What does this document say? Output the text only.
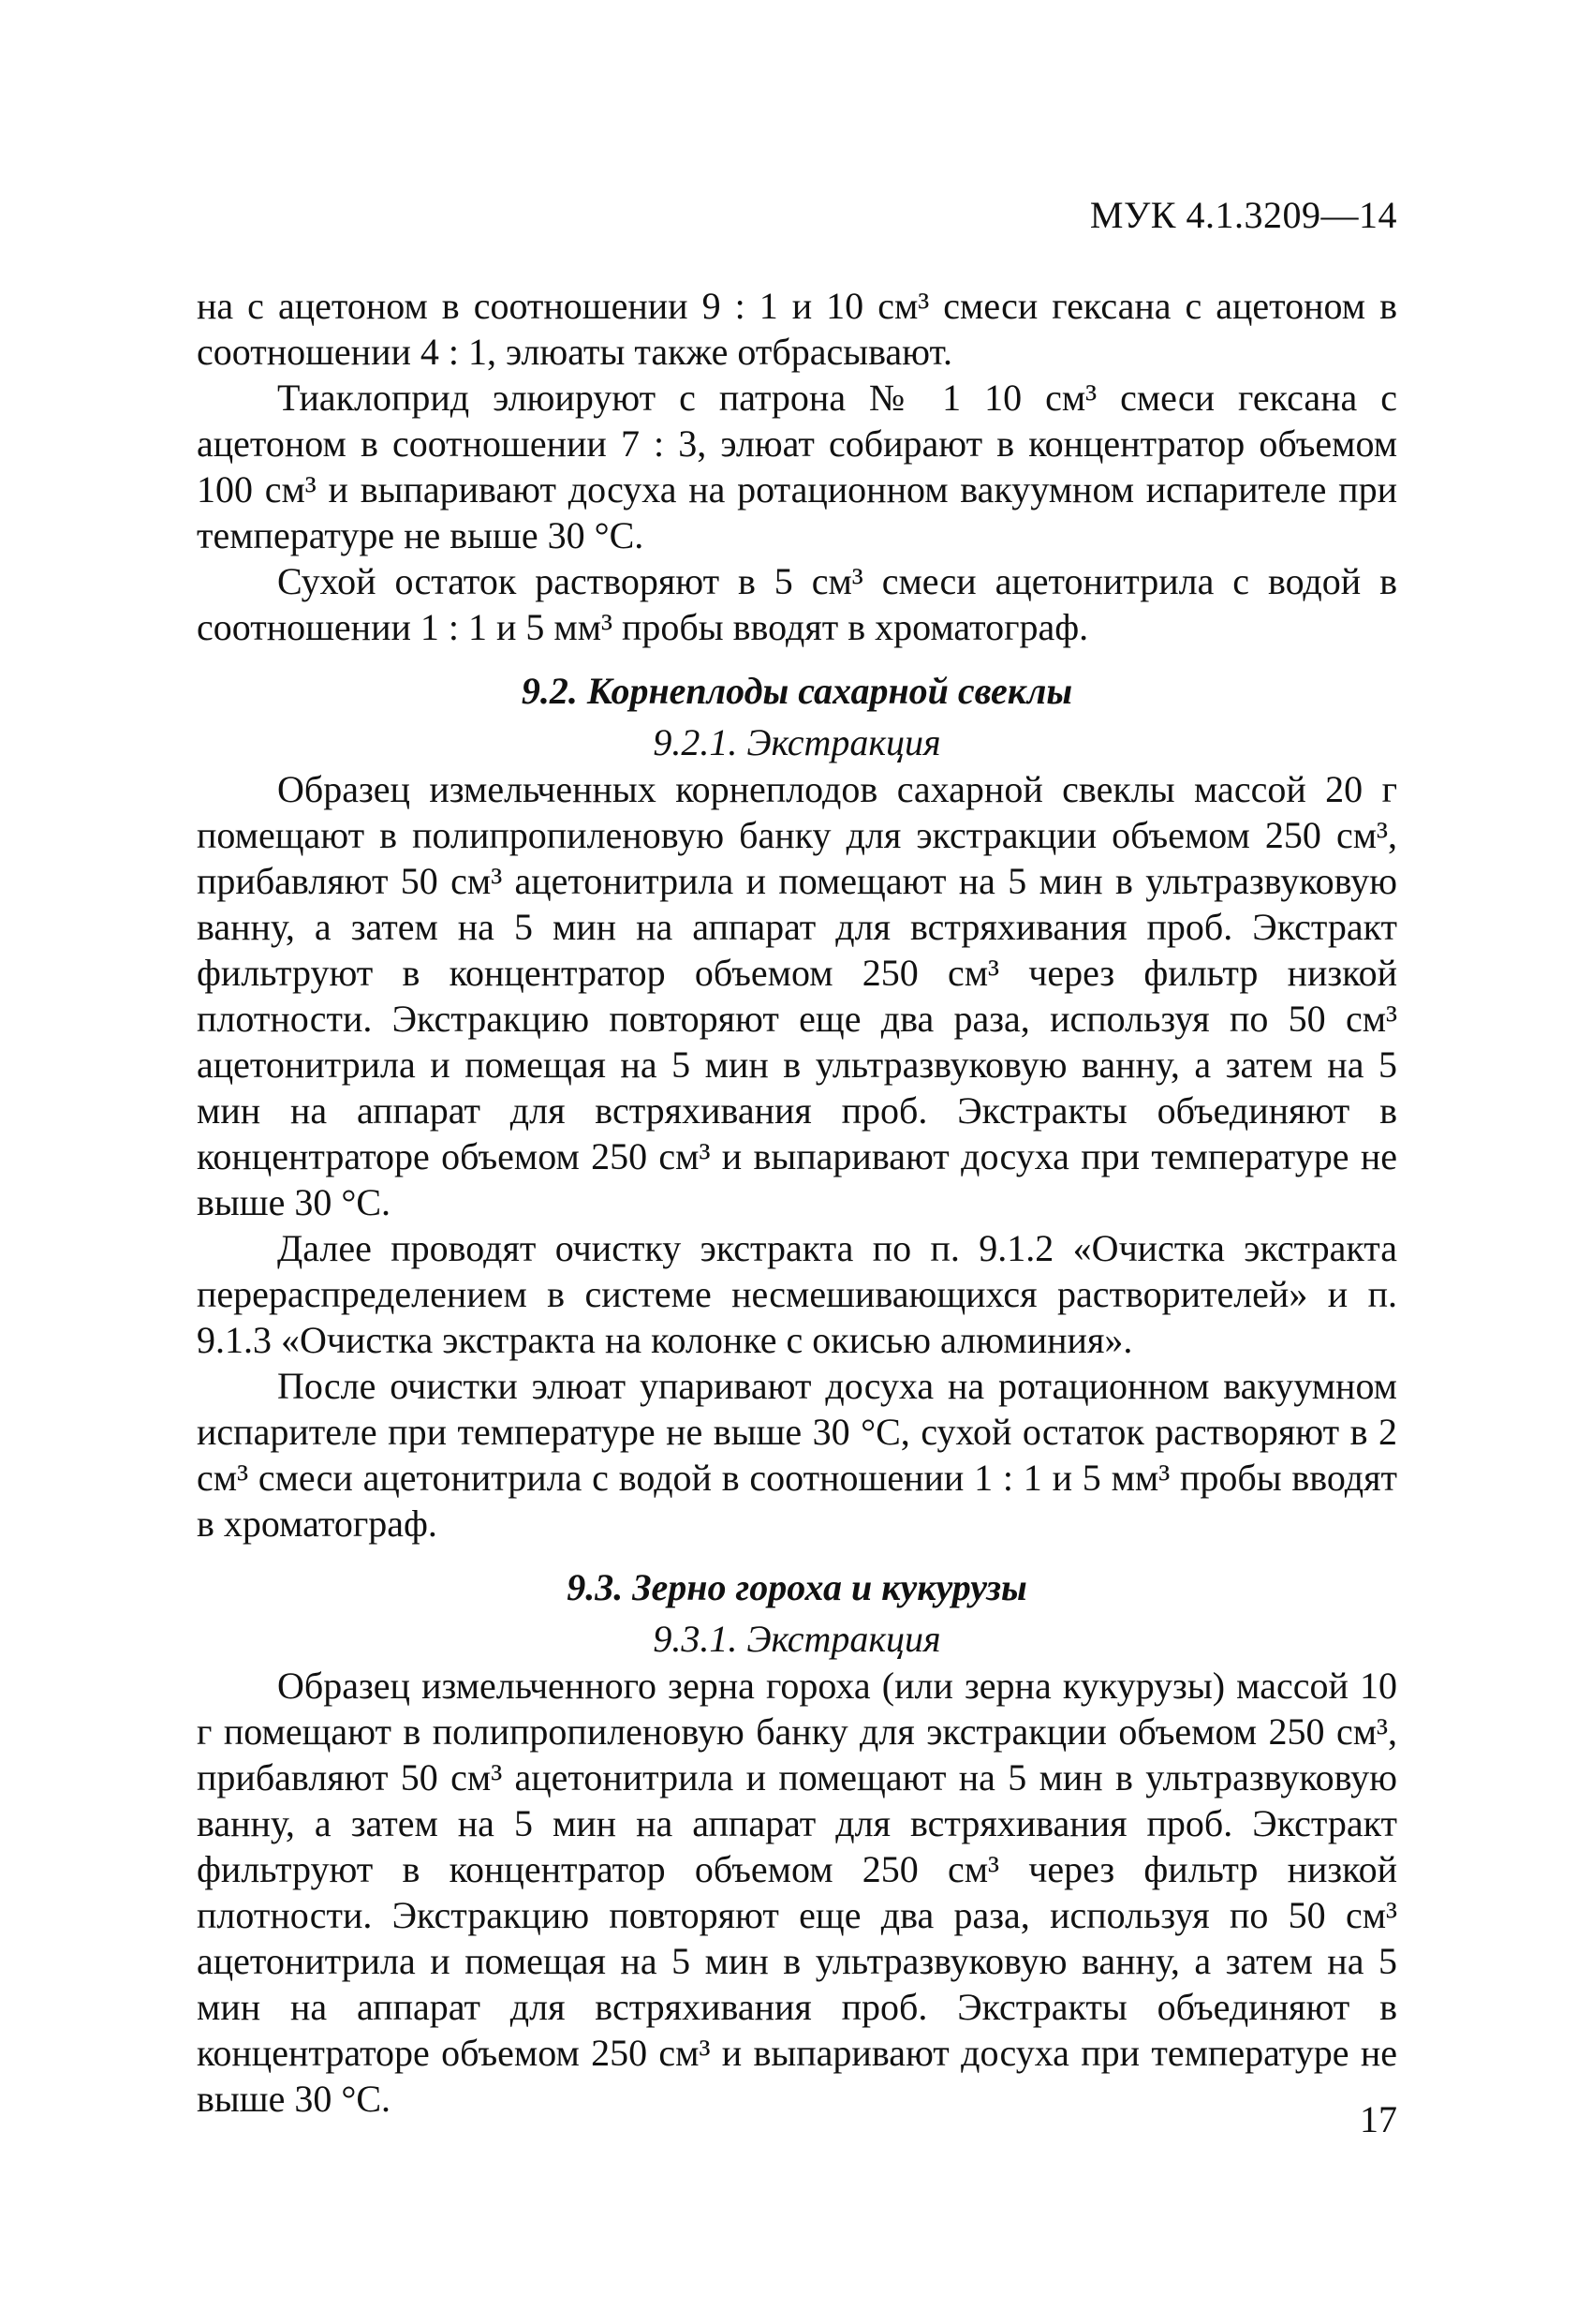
МУК 4.1.3209—14

на с ацетоном в соотношении 9 : 1 и 10 см³ смеси гексана с ацетоном в соотношении 4 : 1, элюаты также отбрасывают.

Тиаклоприд элюируют с патрона № 1 10 см³ смеси гексана с ацетоном в соотношении 7 : 3, элюат собирают в концентратор объемом 100 см³ и выпаривают досуха на ротационном вакуумном испарителе при температуре не выше 30 °С.

Сухой остаток растворяют в 5 см³ смеси ацетонитрила с водой в соотношении 1 : 1 и 5 мм³ пробы вводят в хроматограф.

9.2. Корнеплоды сахарной свеклы
9.2.1. Экстракция

Образец измельченных корнеплодов сахарной свеклы массой 20 г помещают в полипропиленовую банку для экстракции объемом 250 см³, прибавляют 50 см³ ацетонитрила и помещают на 5 мин в ультразвуковую ванну, а затем на 5 мин на аппарат для встряхивания проб. Экстракт фильтруют в концентратор объемом 250 см³ через фильтр низкой плотности. Экстракцию повторяют еще два раза, используя по 50 см³ ацетонитрила и помещая на 5 мин в ультразвуковую ванну, а затем на 5 мин на аппарат для встряхивания проб. Экстракты объединяют в концентраторе объемом 250 см³ и выпаривают досуха при температуре не выше 30 °С.

Далее проводят очистку экстракта по п. 9.1.2 «Очистка экстракта перераспределением в системе несмешивающихся растворителей» и п. 9.1.3 «Очистка экстракта на колонке с окисью алюминия».

После очистки элюат упаривают досуха на ротационном вакуумном испарителе при температуре не выше 30 °С, сухой остаток растворяют в 2 см³ смеси ацетонитрила с водой в соотношении 1 : 1 и 5 мм³ пробы вводят в хроматограф.

9.3. Зерно гороха и кукурузы
9.3.1. Экстракция

Образец измельченного зерна гороха (или зерна кукурузы) массой 10 г помещают в полипропиленовую банку для экстракции объемом 250 см³, прибавляют 50 см³ ацетонитрила и помещают на 5 мин в ультразвуковую ванну, а затем на 5 мин на аппарат для встряхивания проб. Экстракт фильтруют в концентратор объемом 250 см³ через фильтр низкой плотности. Экстракцию повторяют еще два раза, используя по 50 см³ ацетонитрила и помещая на 5 мин в ультразвуковую ванну, а затем на 5 мин на аппарат для встряхивания проб. Экстракты объединяют в концентраторе объемом 250 см³ и выпаривают досуха при температуре не выше 30 °С.	17
